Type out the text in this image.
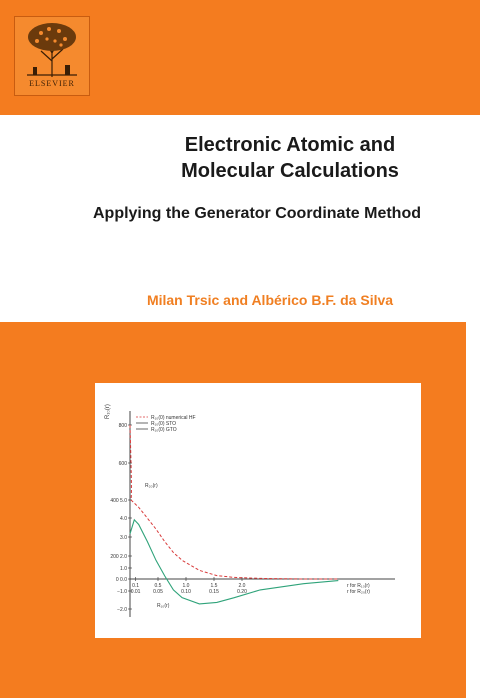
ELSEVIER
Electronic Atomic and
Molecular Calculations
Applying the Generator Coordinate Method
Milan Trsic and Albérico B.F. da Silva
R₁₀(r)
800
600
400 5.0
4.0
3.0
200 2.0
1.0
0 0.0
−1.0
−2.0
0.1
0.01
0.5
0.05
1.0
0.10
1.5
0.15
2.0
0.20
r for R₁₀(r)
r for R₂₀(r)
R₁₀(0) numerical HF
R₁₀(0) STO
R₁₀(0) GTO
R₂₀(r)
R₁₀(r)
